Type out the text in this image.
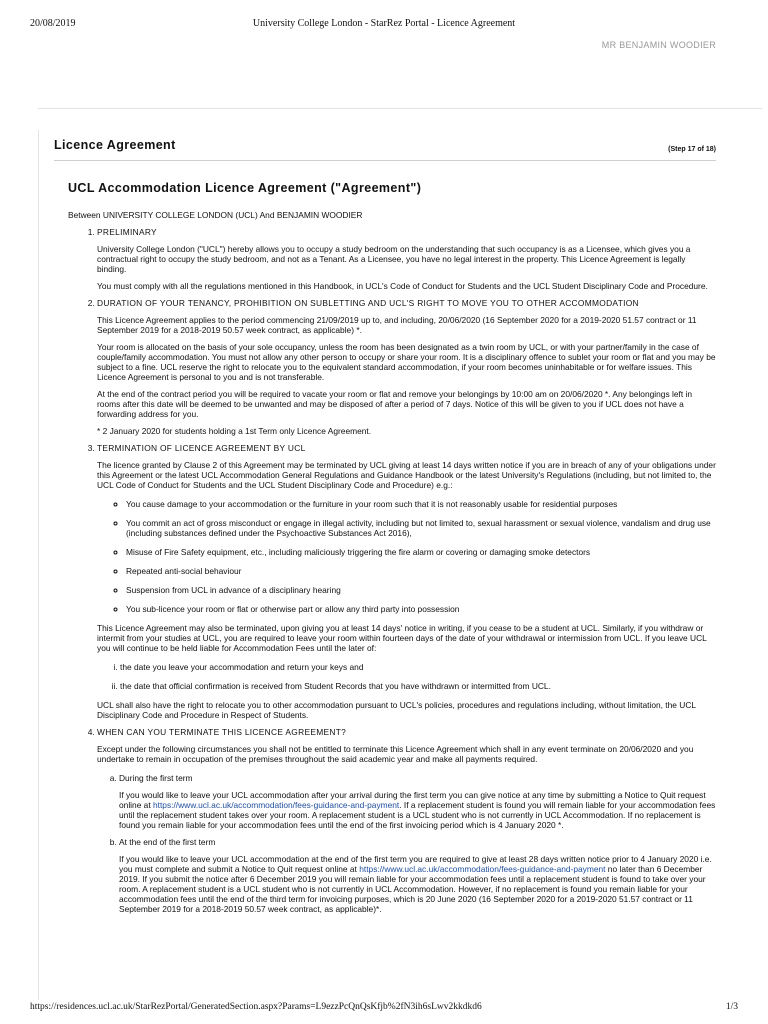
20/08/2019	University College London - StarRez Portal - Licence Agreement
MR BENJAMIN WOODIER
Licence Agreement	(Step 17 of 18)
UCL Accommodation Licence Agreement ("Agreement")
Between UNIVERSITY COLLEGE LONDON (UCL) And BENJAMIN WOODIER
1. PRELIMINARY
University College London ("UCL") hereby allows you to occupy a study bedroom on the understanding that such occupancy is as a Licensee, which gives you a contractual right to occupy the study bedroom, and not as a Tenant. As a Licensee, you have no legal interest in the property. This Licence Agreement is legally binding.
You must comply with all the regulations mentioned in this Handbook, in UCL's Code of Conduct for Students and the UCL Student Disciplinary Code and Procedure.
2. DURATION OF YOUR TENANCY, PROHIBITION ON SUBLETTING AND UCL'S RIGHT TO MOVE YOU TO OTHER ACCOMMODATION
This Licence Agreement applies to the period commencing 21/09/2019 up to, and including, 20/06/2020 (16 September 2020 for a 2019-2020 51.57 contract or 11 September 2019 for a 2018-2019 50.57 week contract, as applicable) *.
Your room is allocated on the basis of your sole occupancy, unless the room has been designated as a twin room by UCL, or with your partner/family in the case of couple/family accommodation. You must not allow any other person to occupy or share your room. It is a disciplinary offence to sublet your room or flat and you may be subject to a fine. UCL reserve the right to relocate you to the equivalent standard accommodation, if your room becomes uninhabitable or for welfare issues. This Licence Agreement is personal to you and is not transferable.
At the end of the contract period you will be required to vacate your room or flat and remove your belongings by 10:00 am on 20/06/2020 *. Any belongings left in rooms after this date will be deemed to be unwanted and may be disposed of after a period of 7 days. Notice of this will be given to you if UCL does not have a forwarding address for you.
* 2 January 2020 for students holding a 1st Term only Licence Agreement.
3. TERMINATION OF LICENCE AGREEMENT BY UCL
The licence granted by Clause 2 of this Agreement may be terminated by UCL giving at least 14 days written notice if you are in breach of any of your obligations under this Agreement or the latest UCL Accommodation General Regulations and Guidance Handbook or the latest University's Regulations (including, but not limited to, the UCL Code of Conduct for Students and the UCL Student Disciplinary Code and Procedure) e.g.:
◦ You cause damage to your accommodation or the furniture in your room such that it is not reasonably usable for residential purposes
◦ You commit an act of gross misconduct or engage in illegal activity, including but not limited to, sexual harassment or sexual violence, vandalism and drug use (including substances defined under the Psychoactive Substances Act 2016),
◦ Misuse of Fire Safety equipment, etc., including maliciously triggering the fire alarm or covering or damaging smoke detectors
◦ Repeated anti-social behaviour
◦ Suspension from UCL in advance of a disciplinary hearing
◦ You sub-licence your room or flat or otherwise part or allow any third party into possession
This Licence Agreement may also be terminated, upon giving you at least 14 days' notice in writing, if you cease to be a student at UCL. Similarly, if you withdraw or intermit from your studies at UCL, you are required to leave your room within fourteen days of the date of your withdrawal or intermission from UCL. If you leave UCL you will continue to be held liable for Accommodation Fees until the later of:
i. the date you leave your accommodation and return your keys and
ii. the date that official confirmation is received from Student Records that you have withdrawn or intermitted from UCL.
UCL shall also have the right to relocate you to other accommodation pursuant to UCL's policies, procedures and regulations including, without limitation, the UCL Disciplinary Code and Procedure in Respect of Students.
4. WHEN CAN YOU TERMINATE THIS LICENCE AGREEMENT?
Except under the following circumstances you shall not be entitled to terminate this Licence Agreement which shall in any event terminate on 20/06/2020 and you undertake to remain in occupation of the premises throughout the said academic year and make all payments required.
a. During the first term
If you would like to leave your UCL accommodation after your arrival during the first term you can give notice at any time by submitting a Notice to Quit request online at https://www.ucl.ac.uk/accommodation/fees-guidance-and-payment. If a replacement student is found you will remain liable for your accommodation fees until the replacement student takes over your room. A replacement student is a UCL student who is not currently in UCL Accommodation. If no replacement is found you remain liable for your accommodation fees until the end of the first invoicing period which is 4 January 2020 *.
b. At the end of the first term
If you would like to leave your UCL accommodation at the end of the first term you are required to give at least 28 days written notice prior to 4 January 2020 i.e. you must complete and submit a Notice to Quit request online at https://www.ucl.ac.uk/accommodation/fees-guidance-and-payment no later than 6 December 2019. If you submit the notice after 6 December 2019 you will remain liable for your accommodation fees until a replacement student is found to take over your room. A replacement student is a UCL student who is not currently in UCL Accommodation. However, if no replacement is found you remain liable for your accommodation fees until the end of the third term for invoicing purposes, which is 20 June 2020 (16 September 2020 for a 2019-2020 51.57 contract or 11 September 2019 for a 2018-2019 50.57 week contract, as applicable)*.
https://residences.ucl.ac.uk/StarRezPortal/GeneratedSection.aspx?Params=L9ezzPcQnQsKfjb%2fN3ih6sLwv2kkdkd6	1/3
